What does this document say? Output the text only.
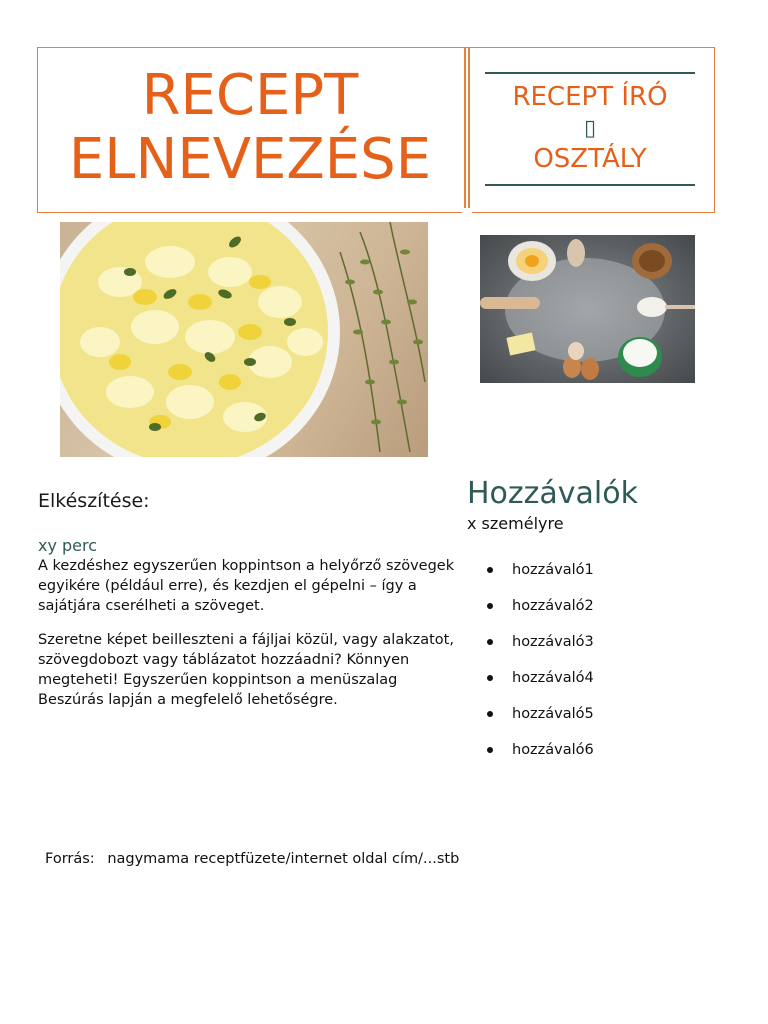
RECEPT
ELNEVEZÉSE
RECEPT ÍRÓ
▯
OSZTÁLY
Elkészítése:
xy perc

A kezdéshez egyszerűen koppintson a helyőrző szövegek egyikére (például erre), és kezdjen el gépelni – így a sajátjára cserélheti a szöveget.

Szeretne képet beilleszteni a fájljai közül, vagy alakzatot, szövegdobozt vagy táblázatot hozzáadni? Könnyen megteheti! Egyszerűen koppintson a menüszalag Beszúrás lapján a megfelelő lehetőségre.

Hozzávalók
x személyre
hozzávaló1
hozzávaló2
hozzávaló3
hozzávaló4
hozzávaló5
hozzávaló6
Forrás: nagymama receptfüzete/internet oldal cím/...stb
